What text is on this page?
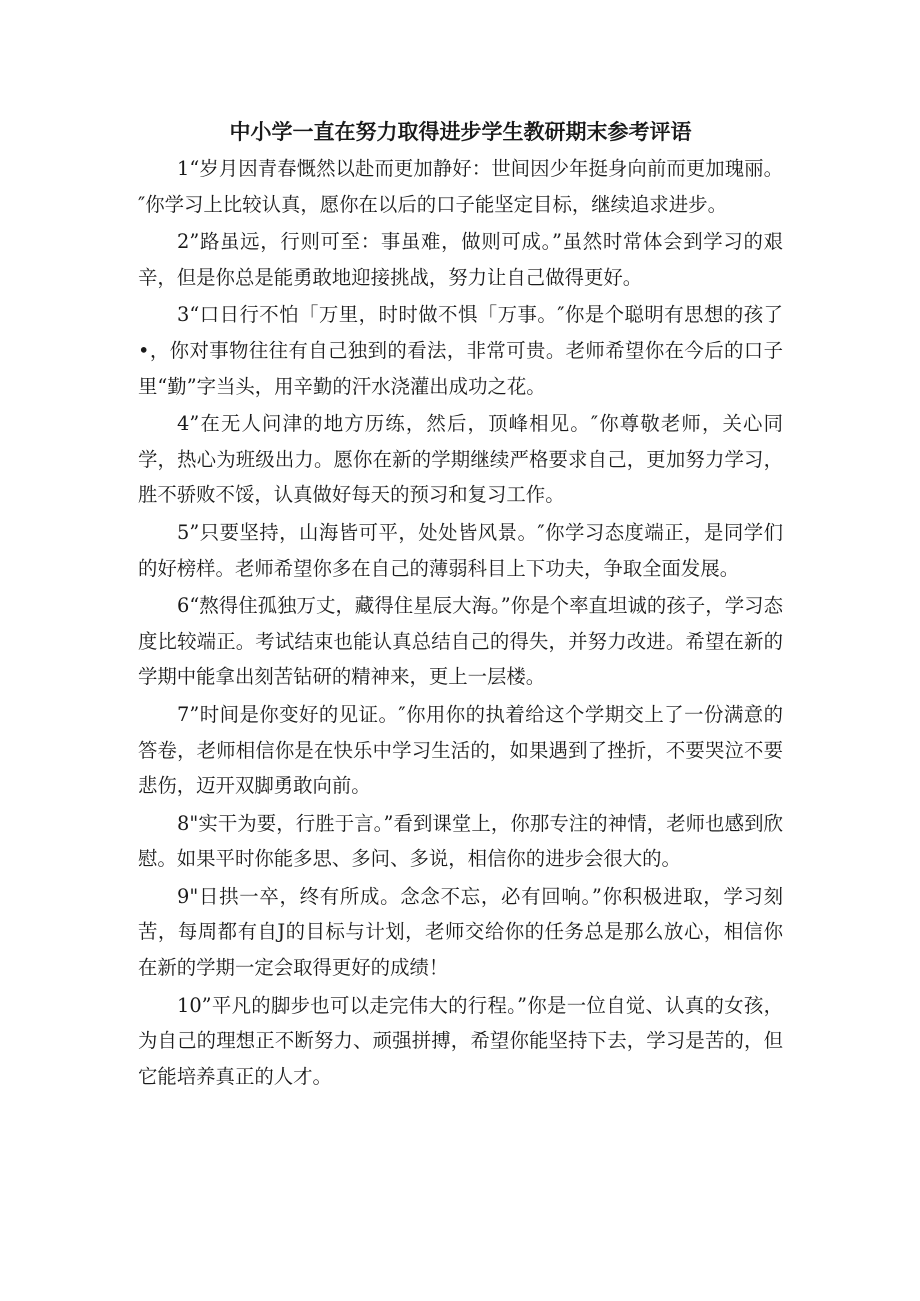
中小学一直在努力取得进步学生教研期末参考评语

1“岁月因青春慨然以赴而更加静好：世间因少年挺身向前而更加瑰丽。″你学习上比较认真，愿你在以后的口子能坚定目标，继续追求进步。

2”路虽远，行则可至：事虽难，做则可成。”虽然时常体会到学习的艰辛，但是你总是能勇敢地迎接挑战，努力让自己做得更好。

3“口日行不怕「万里，时时做不惧「万事。″你是个聪明有思想的孩了•，你对事物往往有自己独到的看法，非常可贵。老师希望你在今后的口子里“勤”字当头，用辛勤的汗水浇灌出成功之花。

4”在无人问津的地方历练，然后，顶峰相见。″你尊敬老师，关心同学，热心为班级出力。愿你在新的学期继续严格要求自己，更加努力学习，胜不骄败不馁，认真做好每天的预习和复习工作。

5”只要坚持，山海皆可平，处处皆风景。″你学习态度端正，是同学们的好榜样。老师希望你多在自己的薄弱科目上下功夫，争取全面发展。

6“熬得住孤独万丈，藏得住星辰大海。”你是个率直坦诚的孩子，学习态度比较端正。考试结束也能认真总结自己的得失，并努力改进。希望在新的学期中能拿出刻苦钻研的精神来，更上一层楼。

7”时间是你变好的见证。″你用你的执着给这个学期交上了一份满意的答卷，老师相信你是在快乐中学习生活的，如果遇到了挫折，不要哭泣不要悲伤，迈开双脚勇敢向前。

8"实干为要，行胜于言。”看到课堂上，你那专注的神情，老师也感到欣慰。如果平时你能多思、多问、多说，相信你的进步会很大的。

9"日拱一卒，终有所成。念念不忘，必有回响。”你积极进取，学习刻苦，每周都有自J的目标与计划，老师交给你的任务总是那么放心，相信你在新的学期一定会取得更好的成绩！

10”平凡的脚步也可以走完伟大的行程。”你是一位自觉、认真的女孩，为自己的理想正不断努力、顽强拼搏，希望你能坚持下去，学习是苦的，但它能培养真正的人才。
